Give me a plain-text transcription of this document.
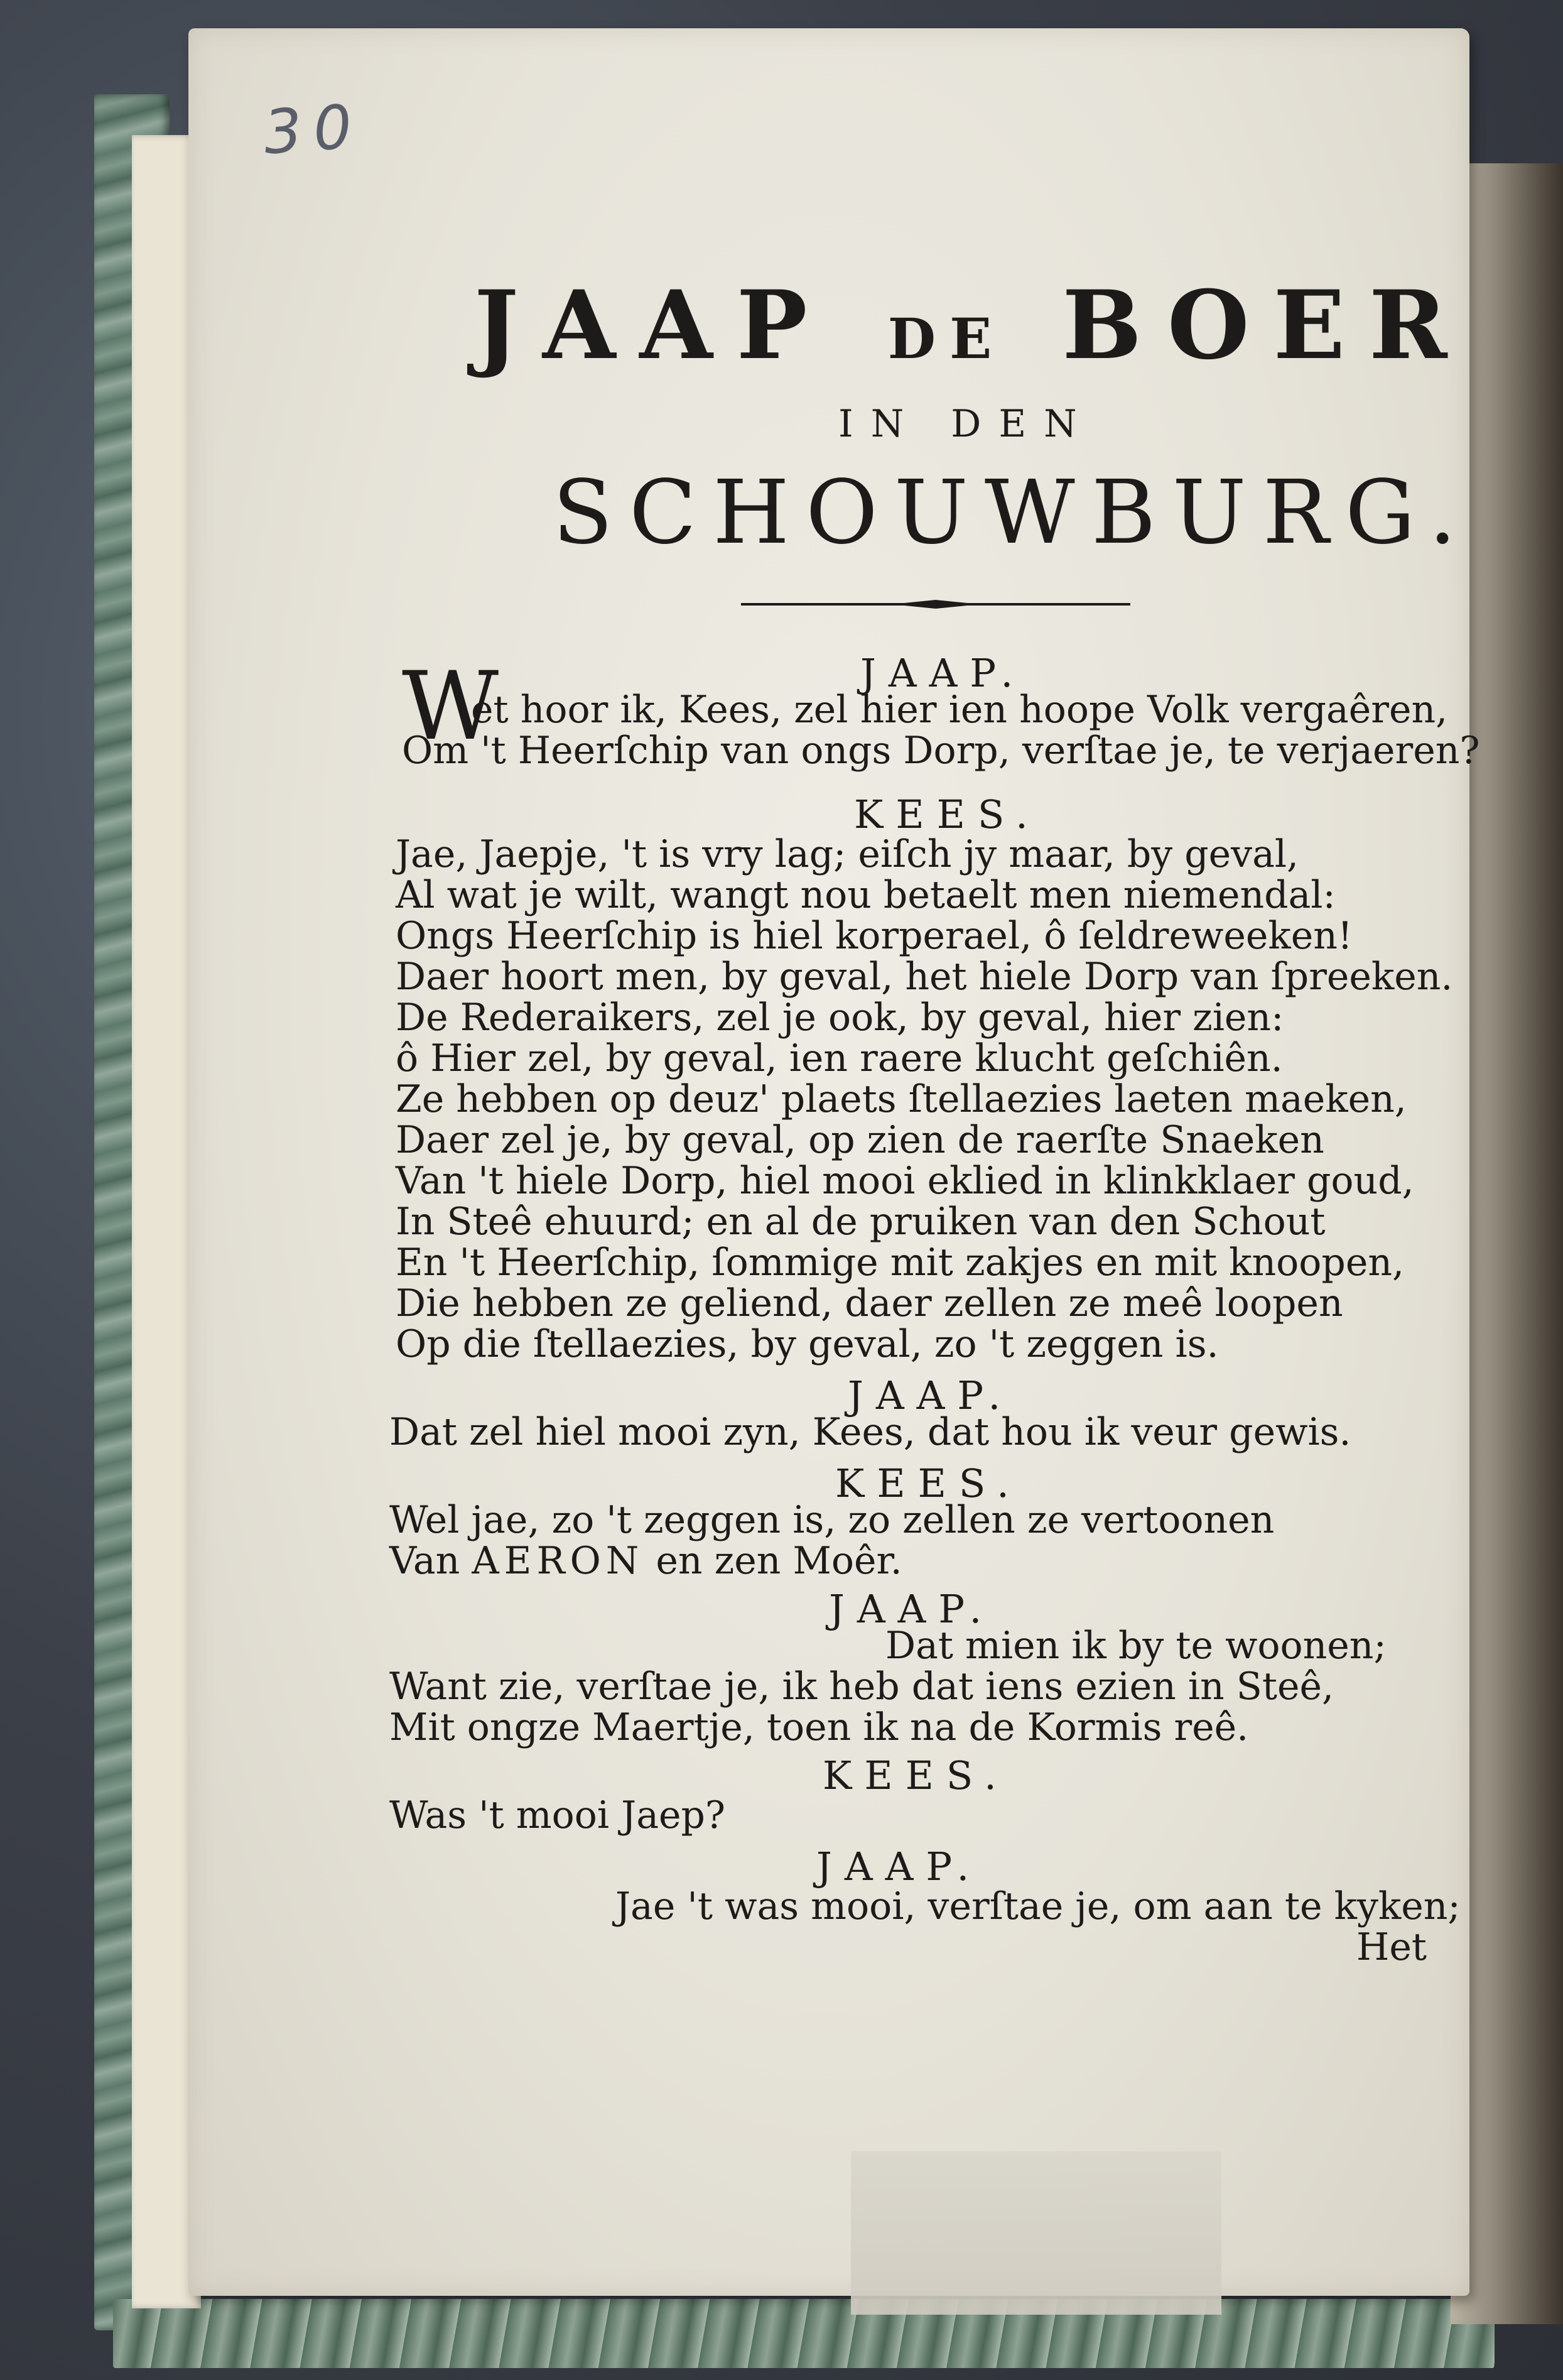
30
JAAP DE BOER
IN DEN
SCHOUWBURG.
JAAP.
W
et hoor ik, Kees, zel hier ien hoope Volk vergaêren,
Om 't Heerſchip van ongs Dorp, verſtae je, te verjaeren?
KEES.
Jae, Jaepje, 't is vry lag; eiſch jy maar, by geval,
Al wat je wilt, wangt nou betaelt men niemendal:
Ongs Heerſchip is hiel korperael, ô ſeldreweeken!
Daer hoort men, by geval, het hiele Dorp van ſpreeken.
De Rederaikers, zel je ook, by geval, hier zien:
ô Hier zel, by geval, ien raere klucht geſchiên.
Ze hebben op deuz' plaets ſtellaezies laeten maeken,
Daer zel je, by geval, op zien de raerſte Snaeken
Van 't hiele Dorp, hiel mooi eklied in klinkklaer goud,
In Steê ehuurd; en al de pruiken van den Schout
En 't Heerſchip, ſommige mit zakjes en mit knoopen,
Die hebben ze geliend, daer zellen ze meê loopen
Op die ſtellaezies, by geval, zo 't zeggen is.
JAAP.
Dat zel hiel mooi zyn, Kees, dat hou ik veur gewis.
KEES.
Wel jae, zo 't zeggen is, zo zellen ze vertoonen
Van AERON en zen Moêr.
JAAP.
Dat mien ik by te woonen;
Want zie, verſtae je, ik heb dat iens ezien in Steê,
Mit ongze Maertje, toen ik na de Kormis reê.
KEES.
Was 't mooi Jaep?
JAAP.
Jae 't was mooi, verſtae je, om aan te kyken;
Het
